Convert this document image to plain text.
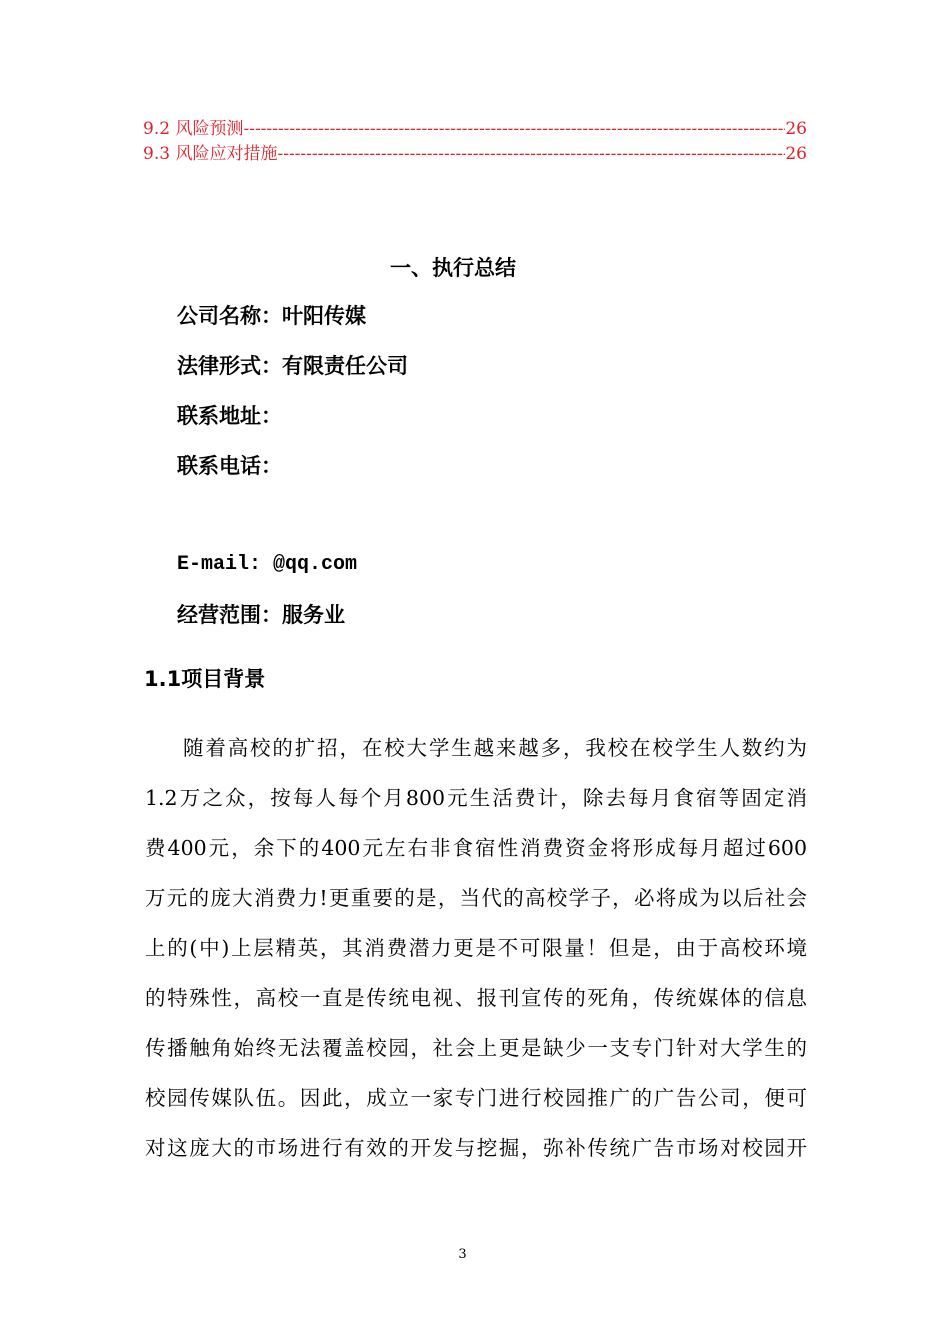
9.2 风险预测 -----	26
9.3 风险应对措施 -----	26
一、执行总结
公司名称：叶阳传媒
法律形式：有限责任公司
联系地址：
联系电话：
E-mail: @qq.com
经营范围：服务业
1.1项目背景
随着高校的扩招，在校大学生越来越多，我校在校学生人数约为
1.2万之众，按每人每个月800元生活费计，除去每月食宿等固定消
费400元，余下的400元左右非食宿性消费资金将形成每月超过600
万元的庞大消费力!更重要的是，当代的高校学子，必将成为以后社会
上的(中)上层精英，其消费潜力更是不可限量！但是，由于高校环境
的特殊性，高校一直是传统电视、报刊宣传的死角，传统媒体的信息
传播触角始终无法覆盖校园，社会上更是缺少一支专门针对大学生的
校园传媒队伍。因此，成立一家专门进行校园推广的广告公司，便可
对这庞大的市场进行有效的开发与挖掘，弥补传统广告市场对校园开
3
